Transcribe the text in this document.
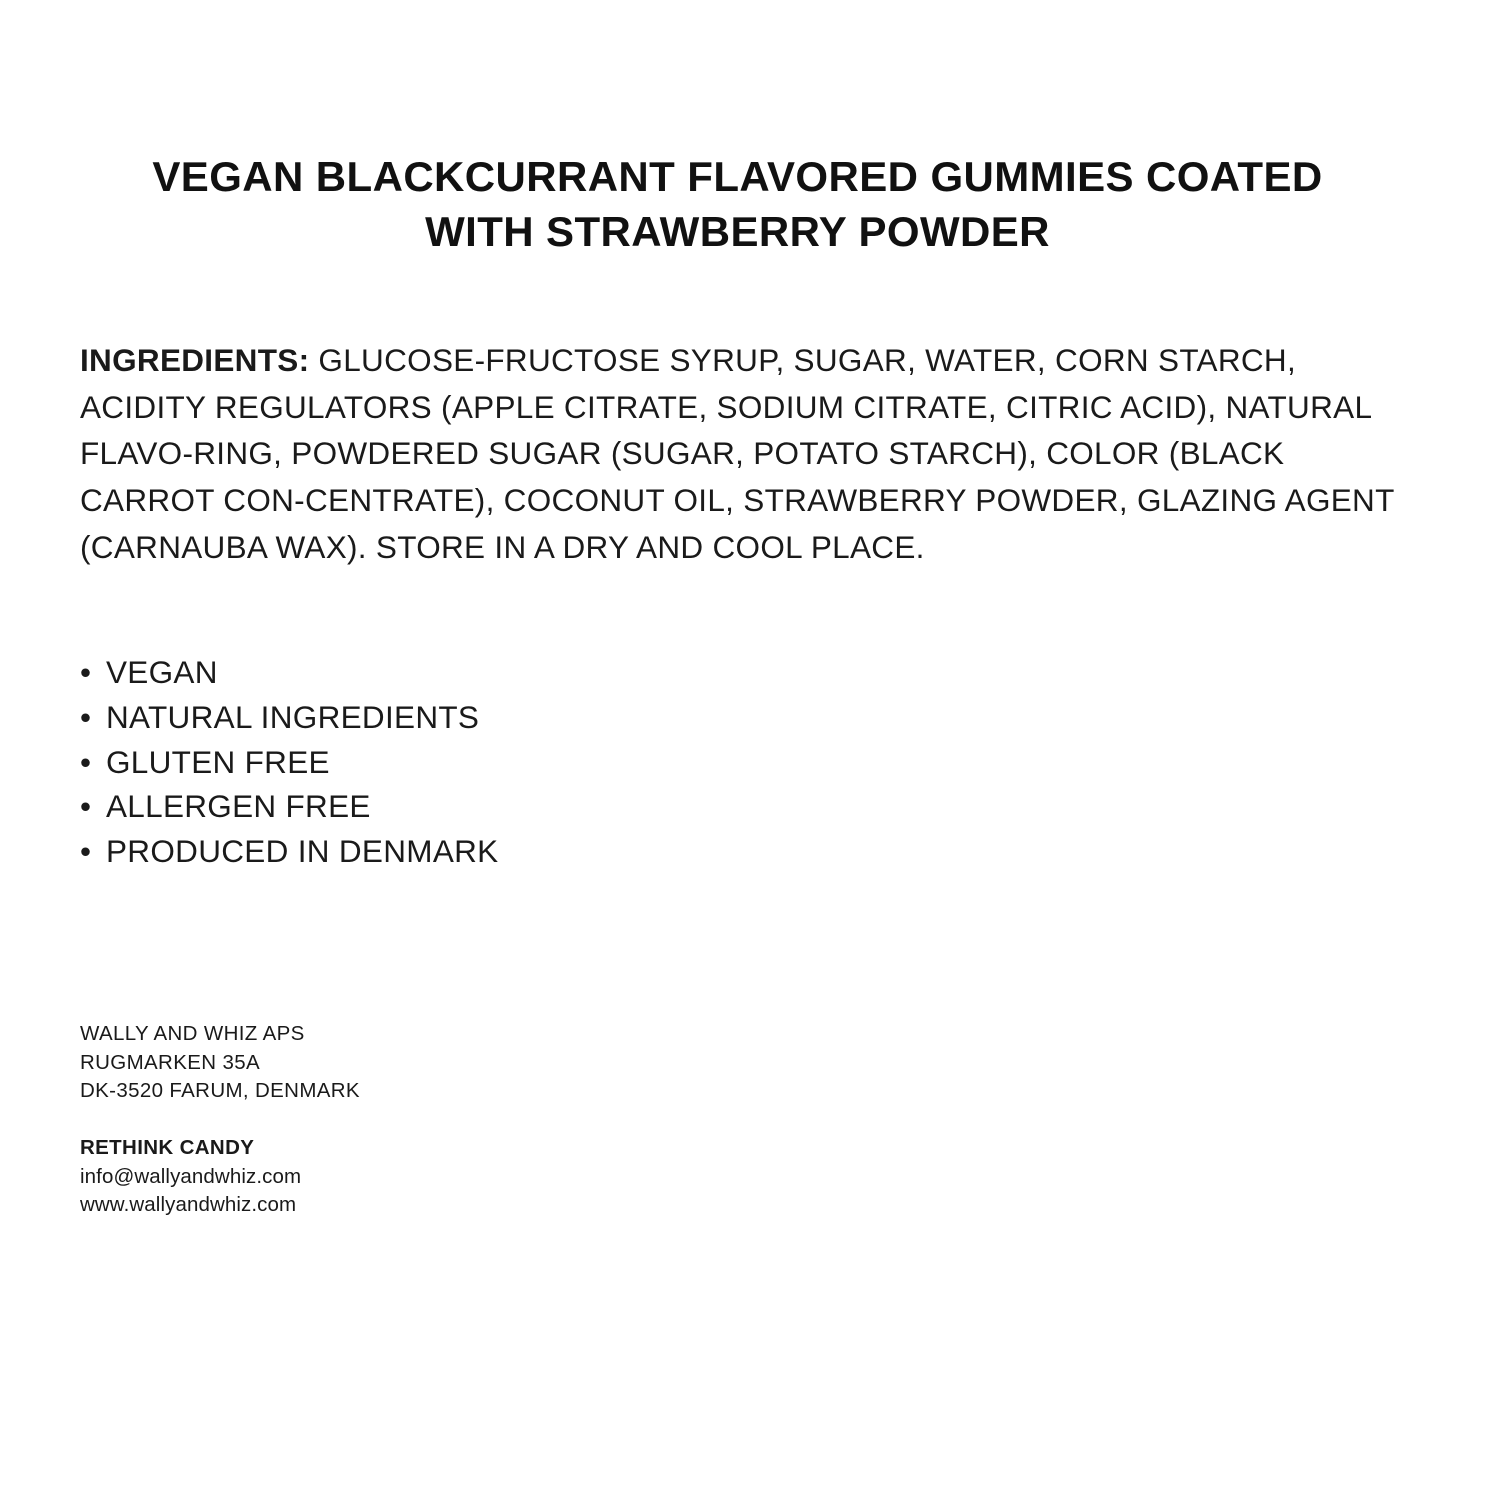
VEGAN BLACKCURRANT FLAVORED GUMMIES COATED WITH STRAWBERRY POWDER

INGREDIENTS: GLUCOSE-FRUCTOSE SYRUP, SUGAR, WATER, CORN STARCH, ACIDITY REGULATORS (APPLE CITRATE, SODIUM CITRATE, CITRIC ACID), NATURAL FLAVO-RING, POWDERED SUGAR (SUGAR, POTATO STARCH), COLOR (BLACK CARROT CON-CENTRATE), COCONUT OIL, STRAWBERRY POWDER, GLAZING AGENT (CARNAUBA WAX). STORE IN A DRY AND COOL PLACE.

• VEGAN
• NATURAL INGREDIENTS
• GLUTEN FREE
• ALLERGEN FREE
• PRODUCED IN DENMARK
WALLY AND WHIZ APS
RUGMARKEN 35A
DK-3520 FARUM, DENMARK
RETHINK CANDY
info@wallyandwhiz.com
www.wallyandwhiz.com
